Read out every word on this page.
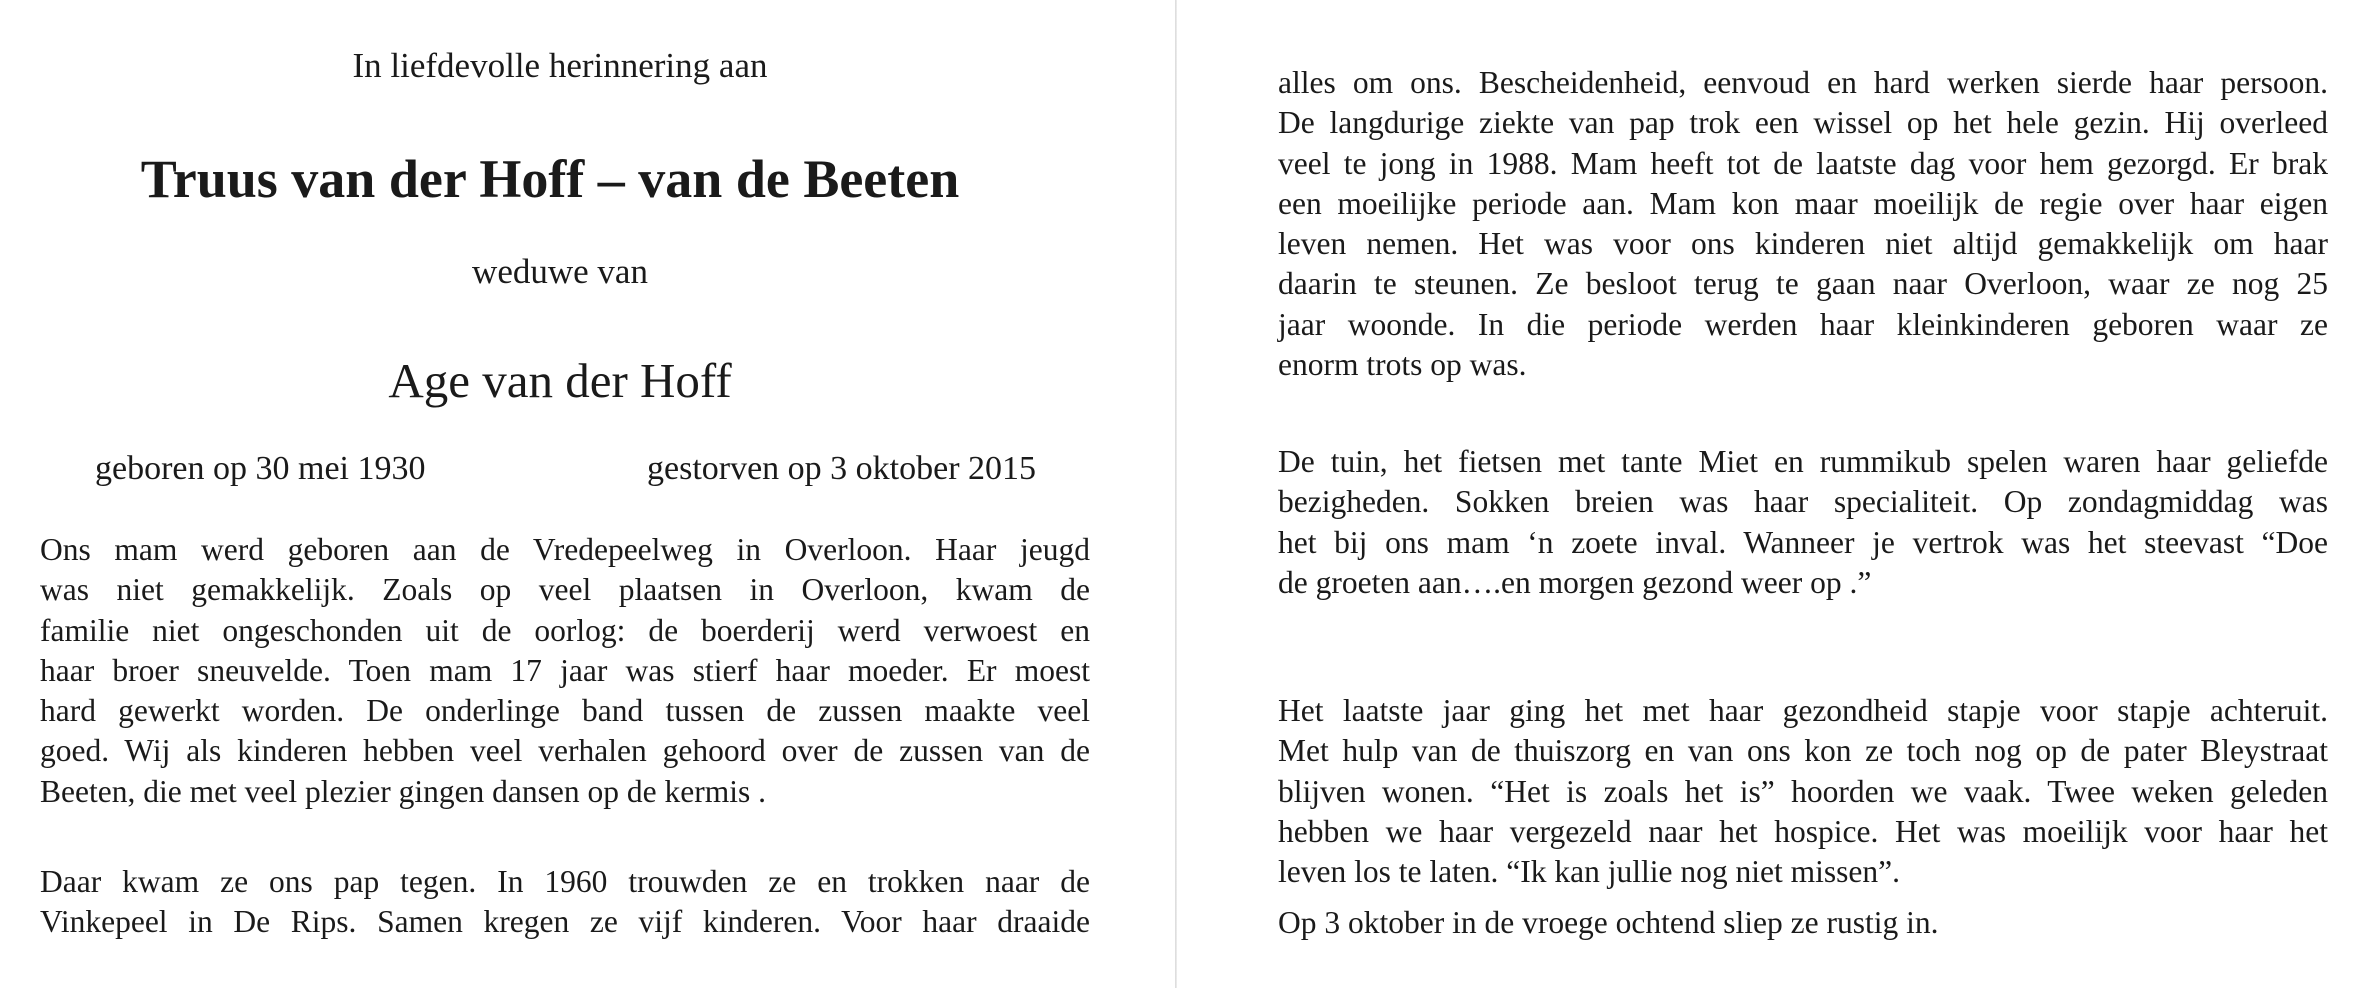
In liefdevolle herinnering aan
Truus van der Hoff – van de Beeten
weduwe van
Age van der Hoff
geboren op 30 mei 1930	gestorven op 3 oktober 2015
Ons mam werd geboren aan de Vredepeelweg in Overloon. Haar jeugd
was niet gemakkelijk. Zoals op veel plaatsen in Overloon, kwam de
familie niet ongeschonden uit de oorlog: de boerderij werd verwoest en
haar broer sneuvelde. Toen mam 17 jaar was stierf haar moeder. Er moest
hard gewerkt worden. De onderlinge band tussen de zussen maakte veel
goed. Wij als kinderen hebben veel verhalen gehoord over de zussen van de
Beeten, die met veel plezier gingen dansen op de kermis .
Daar kwam ze ons pap tegen. In 1960 trouwden ze en trokken naar de
Vinkepeel in De Rips. Samen kregen ze vijf kinderen. Voor haar draaide
alles om ons. Bescheidenheid, eenvoud en hard werken sierde haar persoon.
De langdurige ziekte van pap trok een wissel op het hele gezin. Hij overleed
veel te jong in 1988. Mam heeft tot de laatste dag voor hem gezorgd. Er brak
een moeilijke periode aan. Mam kon maar moeilijk de regie over haar eigen
leven nemen. Het was voor ons kinderen niet altijd gemakkelijk om haar
daarin te steunen. Ze besloot terug te gaan naar Overloon, waar ze nog 25
jaar woonde. In die periode werden haar kleinkinderen geboren waar ze
enorm trots op was.
De tuin, het fietsen met tante Miet en rummikub spelen waren haar geliefde
bezigheden. Sokken breien was haar specialiteit. Op zondagmiddag was
het bij ons mam ‘n zoete inval. Wanneer je vertrok was het steevast “Doe
de groeten aan….en morgen gezond weer op .”
Het laatste jaar ging het met haar gezondheid stapje voor stapje achteruit.
Met hulp van de thuiszorg en van ons kon ze toch nog op de pater Bleystraat
blijven wonen. “Het is zoals het is” hoorden we vaak. Twee weken geleden
hebben we haar vergezeld naar het hospice. Het was moeilijk voor haar het
leven los te laten. “Ik kan jullie nog niet missen”.
Op 3 oktober in de vroege ochtend sliep ze rustig in.
